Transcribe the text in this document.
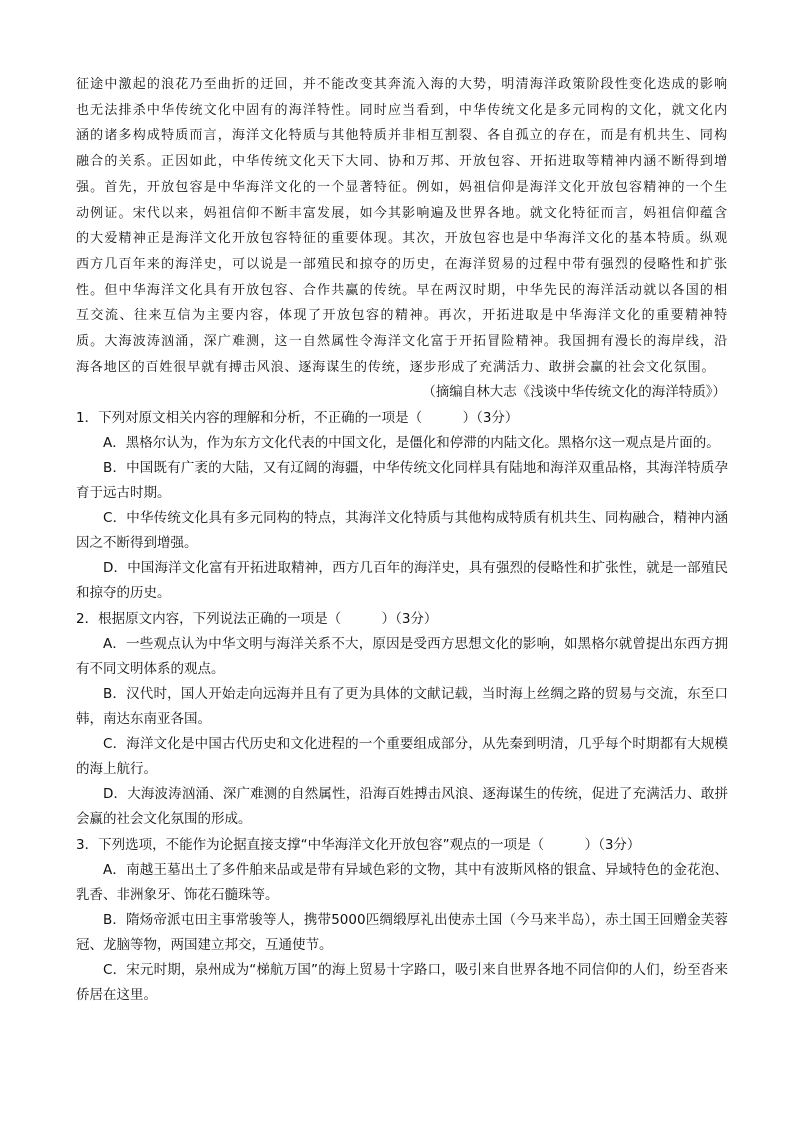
征途中激起的浪花乃至曲折的迂回，并不能改变其奔流入海的大势，明清海洋政策阶段性变化迭成的影响也无法排杀中华传统文化中固有的海洋特性。同时应当看到，中华传统文化是多元同构的文化，就文化内涵的诸多构成特质而言，海洋文化特质与其他特质并非相互割裂、各自孤立的存在，而是有机共生、同构融合的关系。正因如此，中华传统文化天下大同、协和万邦、开放包容、开拓进取等精神内涵不断得到增强。首先，开放包容是中华海洋文化的一个显著特征。例如，妈祖信仰是海洋文化开放包容精神的一个生动例证。宋代以来，妈祖信仰不断丰富发展，如今其影响遍及世界各地。就文化特征而言，妈祖信仰蕴含的大爱精神正是海洋文化开放包容特征的重要体现。其次，开放包容也是中华海洋文化的基本特质。纵观西方几百年来的海洋史，可以说是一部殖民和掠夺的历史，在海洋贸易的过程中带有强烈的侵略性和扩张性。但中华海洋文化具有开放包容、合作共赢的传统。早在两汉时期，中华先民的海洋活动就以各国的相互交流、往来互信为主要内容，体现了开放包容的精神。再次，开拓进取是中华海洋文化的重要精神特质。大海波涛汹涌，深广难测，这一自然属性令海洋文化富于开拓冒险精神。我国拥有漫长的海岸线，沿海各地区的百姓很早就有搏击风浪、逐海谋生的传统，逐步形成了充满活力、敢拼会赢的社会文化氛围。

（摘编自林大志《浅谈中华传统文化的海洋特质》）

1．下列对原文相关内容的理解和分析，不正确的一项是（　　　）（3分）

A．黑格尔认为，作为东方文化代表的中国文化，是僵化和停滞的内陆文化。黑格尔这一观点是片面的。

B．中国既有广袤的大陆，又有辽阔的海疆，中华传统文化同样具有陆地和海洋双重品格，其海洋特质孕育于远古时期。

C．中华传统文化具有多元同构的特点，其海洋文化特质与其他构成特质有机共生、同构融合，精神内涵因之不断得到增强。

D．中国海洋文化富有开拓进取精神，西方几百年的海洋史，具有强烈的侵略性和扩张性，就是一部殖民和掠夺的历史。

2．根据原文内容，下列说法正确的一项是（　　　）（3分）

A．一些观点认为中华文明与海洋关系不大，原因是受西方思想文化的影响，如黑格尔就曾提出东西方拥有不同文明体系的观点。

B．汉代时，国人开始走向远海并且有了更为具体的文献记载，当时海上丝绸之路的贸易与交流，东至口韩，南达东南亚各国。

C．海洋文化是中国古代历史和文化进程的一个重要组成部分，从先秦到明清，几乎每个时期都有大规模的海上航行。

D．大海波涛汹涌、深广难测的自然属性，沿海百姓搏击风浪、逐海谋生的传统，促进了充满活力、敢拼会赢的社会文化氛围的形成。

3．下列选项，不能作为论据直接支撑“中华海洋文化开放包容”观点的一项是（　　　）（3分）

A．南越王墓出土了多件舶来品或是带有异域色彩的文物，其中有波斯风格的银盒、异域特色的金花泡、乳香、非洲象牙、饰花石髓珠等。

B．隋炀帝派屯田主事常骏等人，携带5000匹绸缎厚礼出使赤土国（今马来半岛），赤土国王回赠金芙蓉冠、龙脑等物，两国建立邦交，互通使节。

C．宋元时期，泉州成为“梯航万国”的海上贸易十字路口，吸引来自世界各地不同信仰的人们，纷至沓来侨居在这里。
